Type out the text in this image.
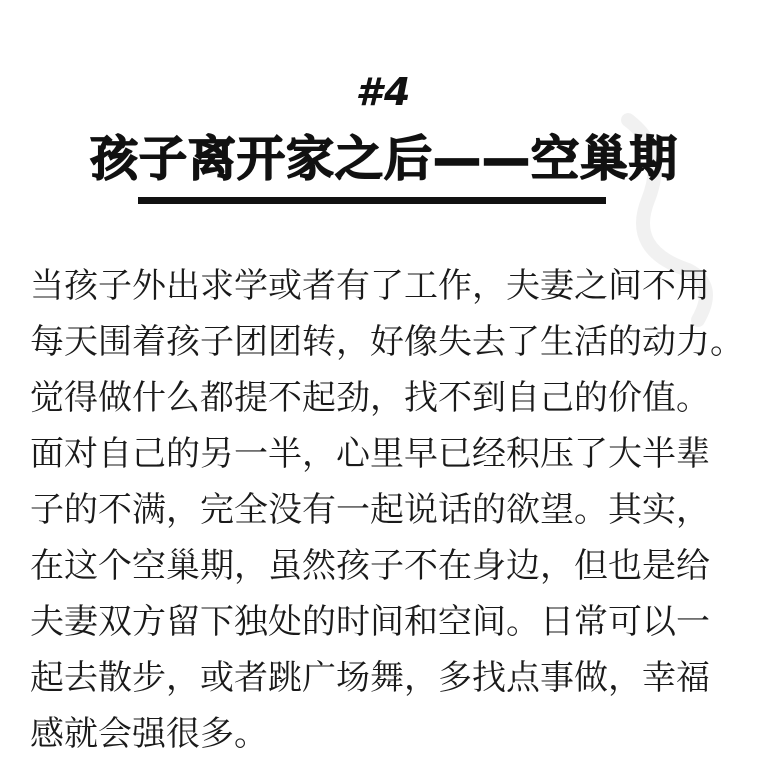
#4
孩子离开家之后——空巢期
当孩子外出求学或者有了工作，夫妻之间不用
每天围着孩子团团转，好像失去了生活的动力。
觉得做什么都提不起劲，找不到自己的价值。
面对自己的另一半，心里早已经积压了大半辈
子的不满，完全没有一起说话的欲望。其实，
在这个空巢期，虽然孩子不在身边，但也是给
夫妻双方留下独处的时间和空间。日常可以一
起去散步，或者跳广场舞，多找点事做，幸福
感就会强很多。
